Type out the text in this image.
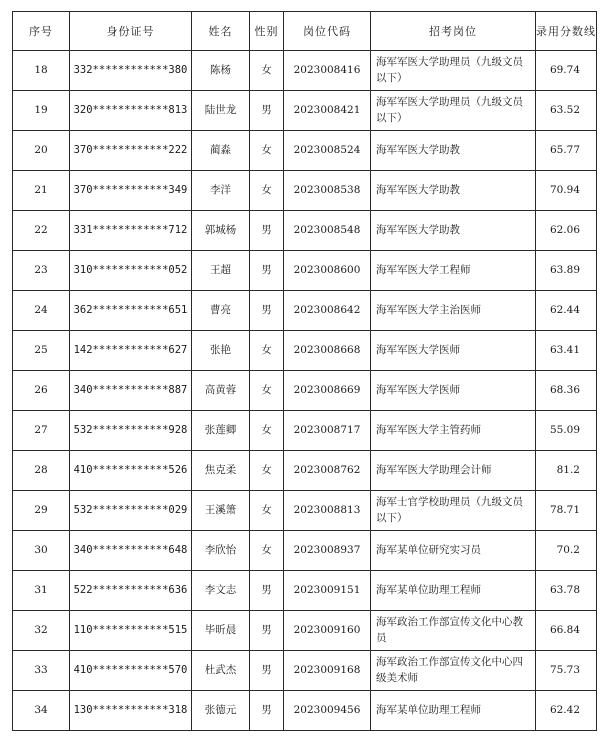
序号	身份证号	姓名	性别	岗位代码	招考岗位	录用分数线
18	332************380	陈杨	女	2023008416	海军军医大学助理员（九级文员以下）	69.74
19	320************813	陆世龙	男	2023008421	海军军医大学助理员（九级文员以下）	63.52
20	370************222	蔺淼	女	2023008524	海军军医大学助教	65.77
21	370************349	李洋	女	2023008538	海军军医大学助教	70.94
22	331************712	郭城杨	男	2023008548	海军军医大学助教	62.06
23	310************052	王超	男	2023008600	海军军医大学工程师	63.89
24	362************651	曹亮	男	2023008642	海军军医大学主治医师	62.44
25	142************627	张艳	女	2023008668	海军军医大学医师	63.41
26	340************887	高黄蓉	女	2023008669	海军军医大学医师	68.36
27	532************928	张莲卿	女	2023008717	海军军医大学主管药师	55.09
28	410************526	焦克柔	女	2023008762	海军军医大学助理会计师	81.2
29	532************029	王溪箫	女	2023008813	海军士官学校助理员（九级文员以下）	78.71
30	340************648	李欣怡	女	2023008937	海军某单位研究实习员	70.2
31	522************636	李文志	男	2023009151	海军某单位助理工程师	63.78
32	110************515	毕昕晨	男	2023009160	海军政治工作部宣传文化中心教员	66.84
33	410************570	杜武杰	男	2023009168	海军政治工作部宣传文化中心四级美术师	75.73
34	130************318	张德元	男	2023009456	海军某单位助理工程师	62.42
